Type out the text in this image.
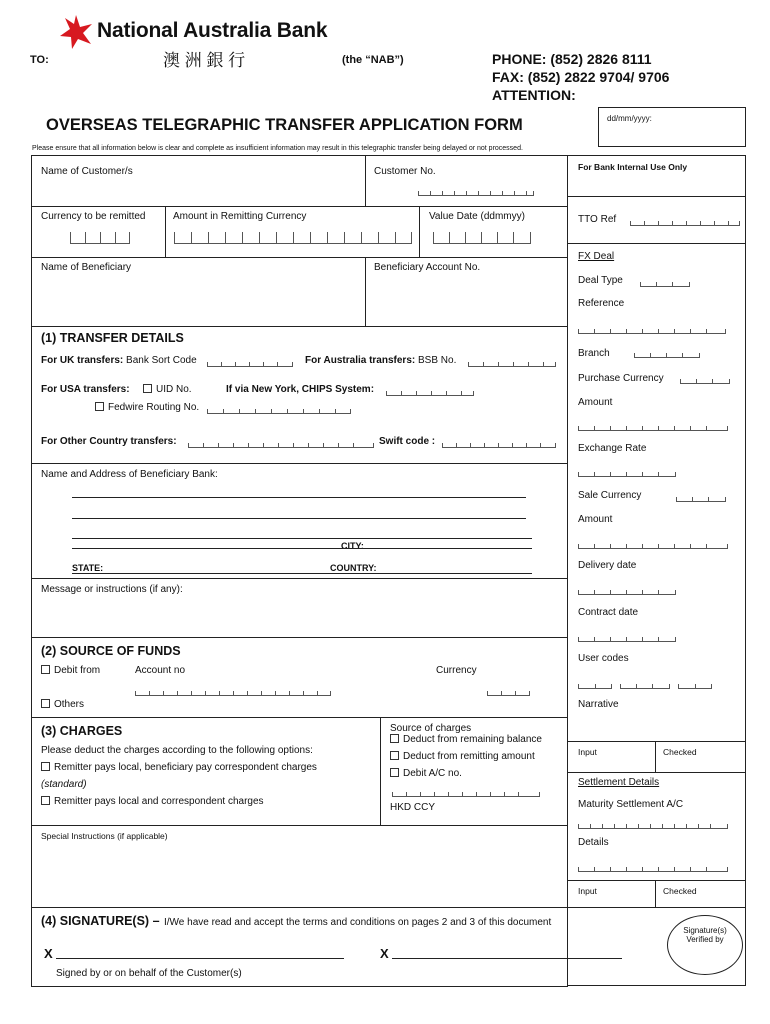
National Australia Bank
澳 洲 銀 行
TO:	(the “NAB”)	PHONE: (852) 2826 8111
FAX: (852) 2822 9704/ 9706
ATTENTION:
dd/mm/yyyy:
OVERSEAS TELEGRAPHIC TRANSFER APPLICATION FORM
Please ensure that all information below is clear and complete as insufficient information may result in this telegraphic transfer being delayed or not processed.
Name of Customer/s	Customer No.
Currency to be remitted	Amount in Remitting Currency	Value Date (ddmmyy)
Name of Beneficiary	Beneficiary Account No.
(1) TRANSFER DETAILS
For UK transfers: Bank Sort Code	For Australia transfers: BSB No.
For USA transfers:	UID No.	If via New York, CHIPS System:
Fedwire Routing No.
For Other Country transfers:	Swift code :
Name and Address of Beneficiary Bank:
CITY:
STATE:	COUNTRY:
Message or instructions (if any):
(2) SOURCE OF FUNDS
Debit from	Account no	Currency
Others
(3) CHARGES
Please deduct the charges according to the following options:
Remitter pays local, beneficiary pay correspondent charges
(standard)
Remitter pays local and correspondent charges
Source of charges
Deduct from remaining balance
Deduct from remitting amount
Debit A/C no.
HKD CCY
Special Instructions (if applicable)
(4) SIGNATURE(S) – I/We have read and accept the terms and conditions on pages 2 and 3 of this document
X	X
Signed by or on behalf of the Customer(s)
Signature(s) Verified by
For Bank Internal Use Only
TTO Ref
FX Deal
Deal Type
Reference
Branch
Purchase Currency
Amount
Exchange Rate
Sale Currency
Amount
Delivery date
Contract date
User codes
Narrative
Input	Checked
Settlement Details
Maturity Settlement A/C
Details
Input	Checked
